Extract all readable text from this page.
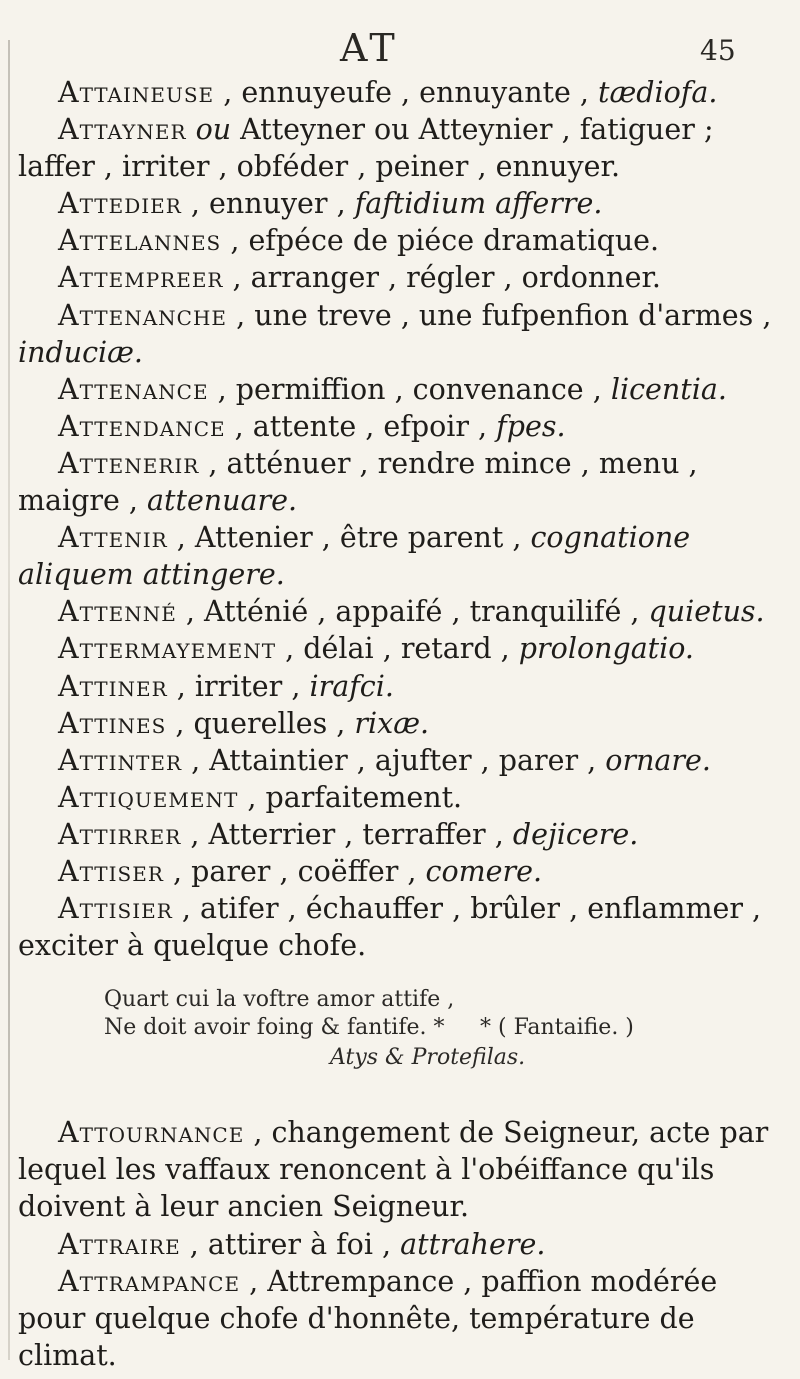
AT	45

Attaineuse , ennuyeufe , ennuyante , tædiofa.

Attayner ou Atteyner ou Atteynier , fatiguer ; laffer , irriter , obféder , peiner , ennuyer.

Attedier , ennuyer , faftidium afferre.

Attelannes , efpéce de piéce dramatique.

Attempreer , arranger , régler , ordonner.

Attenanche , une treve , une fufpenfion d'armes , induciæ.

Attenance , permiffion , convenance , licentia.

Attendance , attente , efpoir , fpes.

Attenerir , atténuer , rendre mince , menu , maigre , attenuare.

Attenir , Attenier , être parent , cognatione aliquem attingere.

Attenné , Atténié , appaifé , tranquilifé , quietus.

Attermayement , délai , retard , prolongatio.

Attiner , irriter , irafci.

Attines , querelles , rixæ.

Attinter , Attaintier , ajufter , parer , ornare.

Attiquement , parfaitement.

Attirrer , Atterrier , terraffer , dejicere.

Attiser , parer , coëffer , comere.

Attisier , atifer , échauffer , brûler , enflammer , exciter à quelque chofe.

Quart cui la voftre amor attife ,
Ne doit avoir foing & fantife. * * ( Fantaifie. )
Atys & Protefilas.

Attournance , changement de Seigneur, acte par lequel les vaffaux renoncent à l'obéiffance qu'ils doivent à leur ancien Seigneur.

Attraire , attirer à foi , attrahere.

Attrampance , Attrempance , paffion modérée pour quelque chofe d'honnête, température de climat.
